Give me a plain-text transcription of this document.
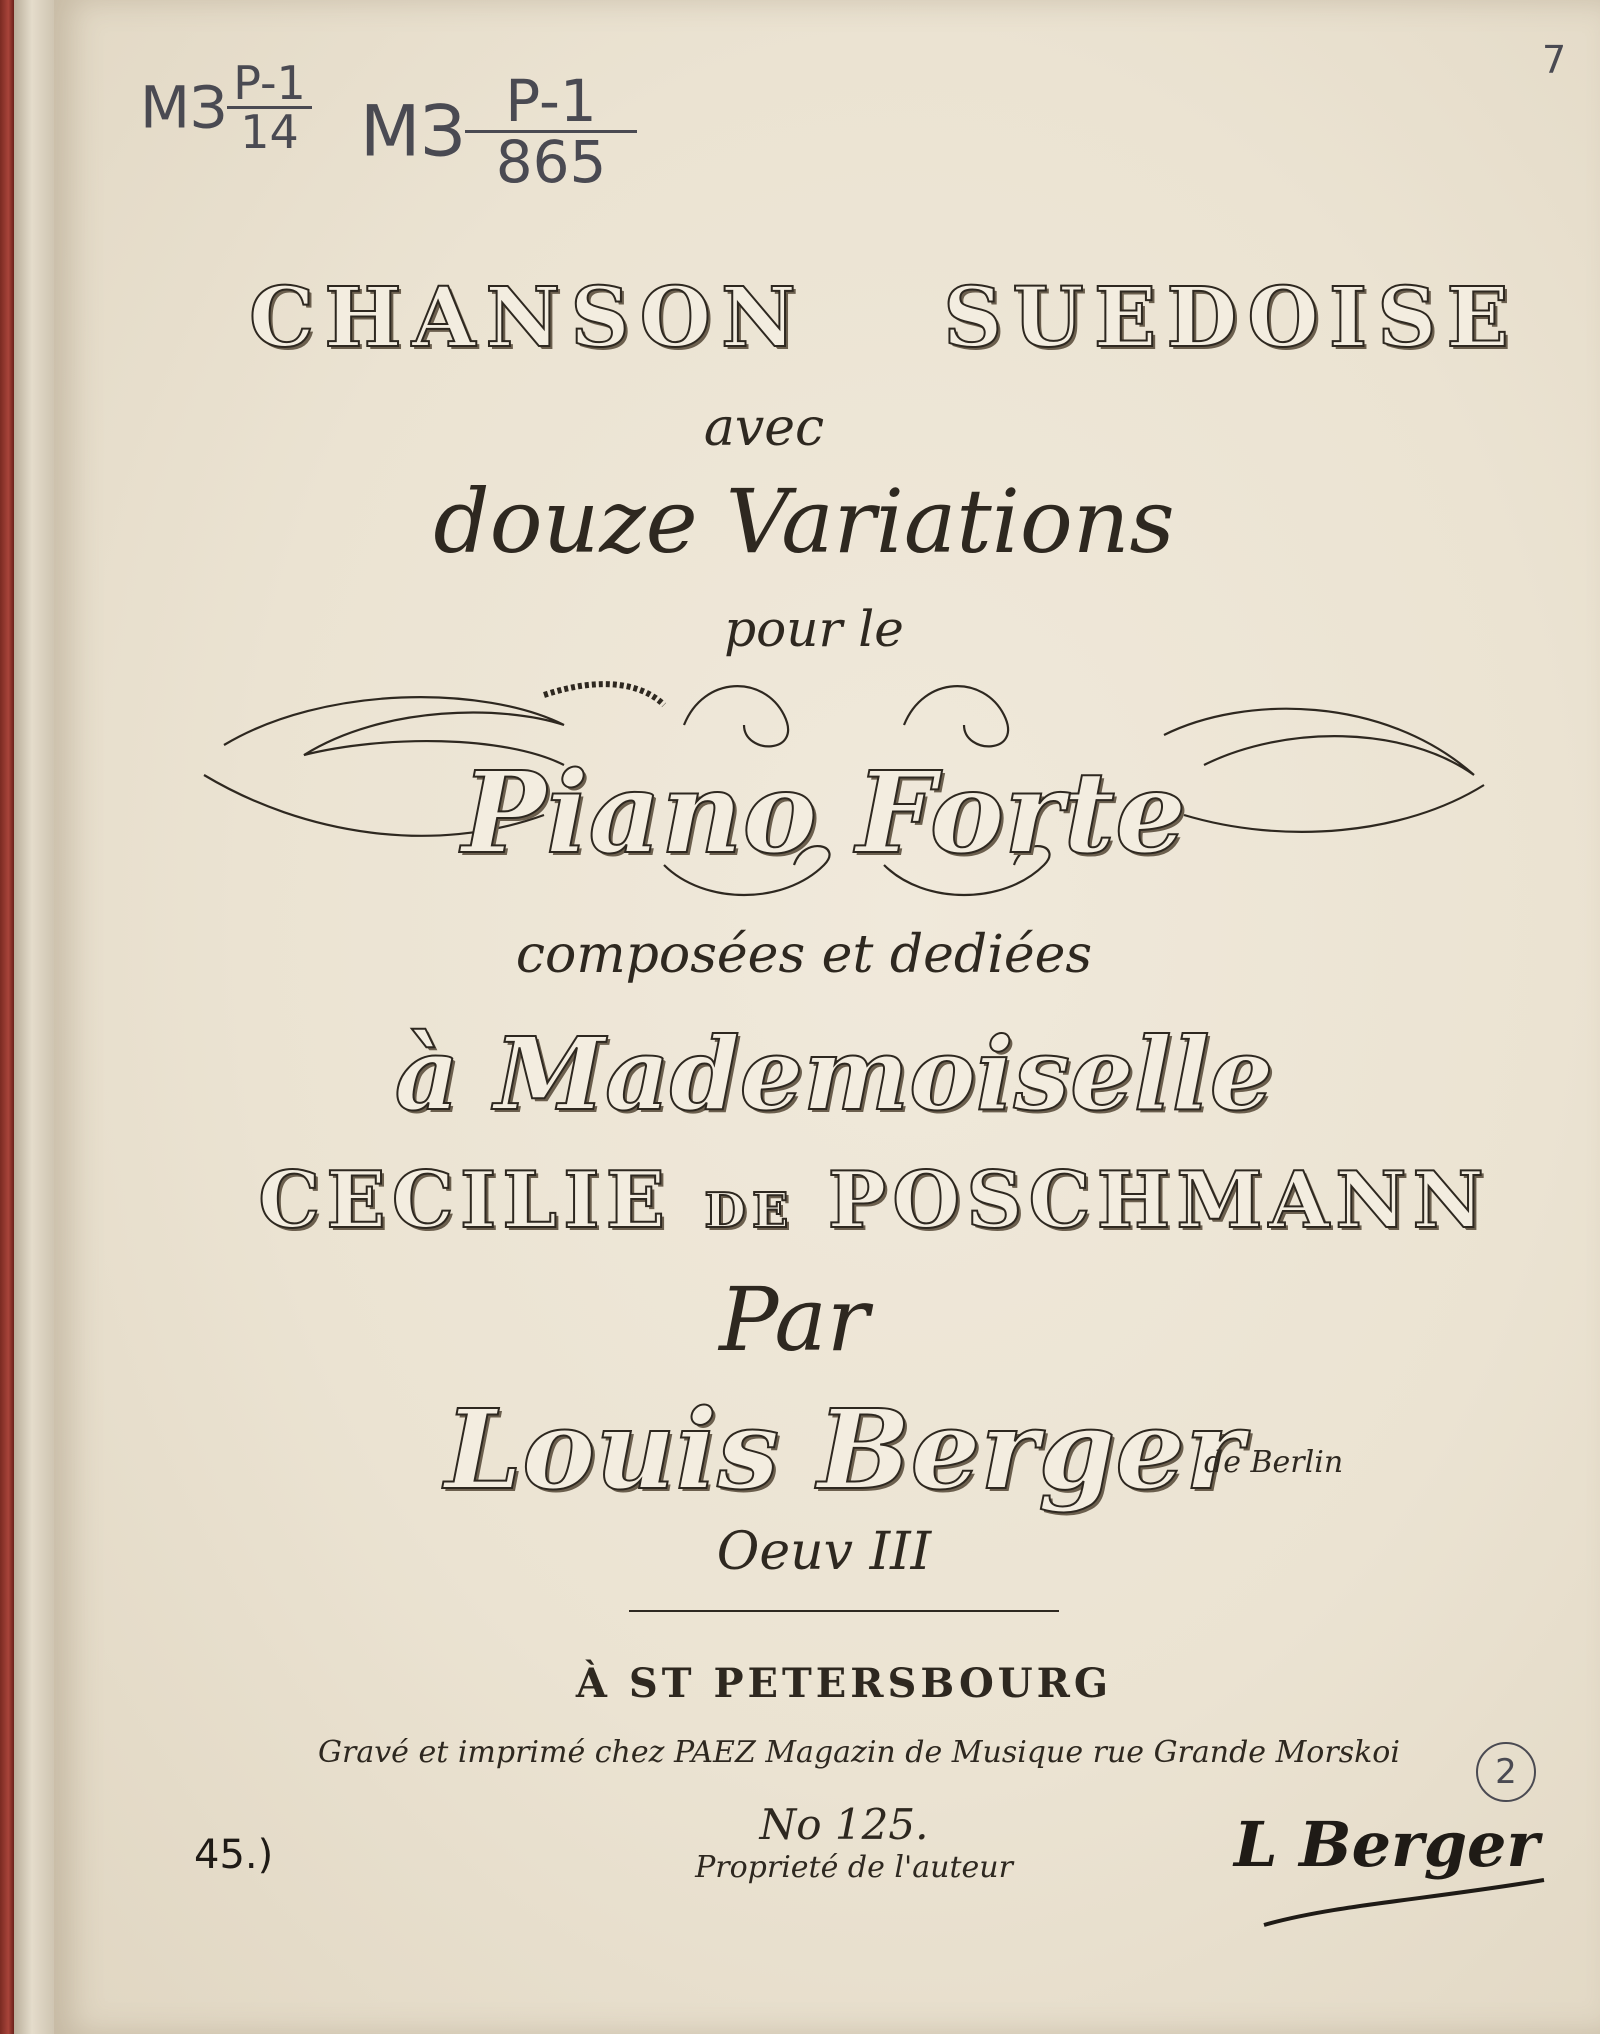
7
МЗ $\frac{P-1}{14}$ МЗ $\frac{P-1}{865}$
CHANSON SUEDOISE
avec
douze Variations
pour le
Piano Forte
composées et dediées
à Mademoiselle
CECILIE DE POSCHMANN
Par
Louis Berger
de Berlin
Oeuv III
À ST PETERSBOURG
Gravé et imprimé chez PAEZ Magazin de Musique rue Grande Morskoi	2
No 125.
Proprieté de l'auteur
45.)	L Berger
